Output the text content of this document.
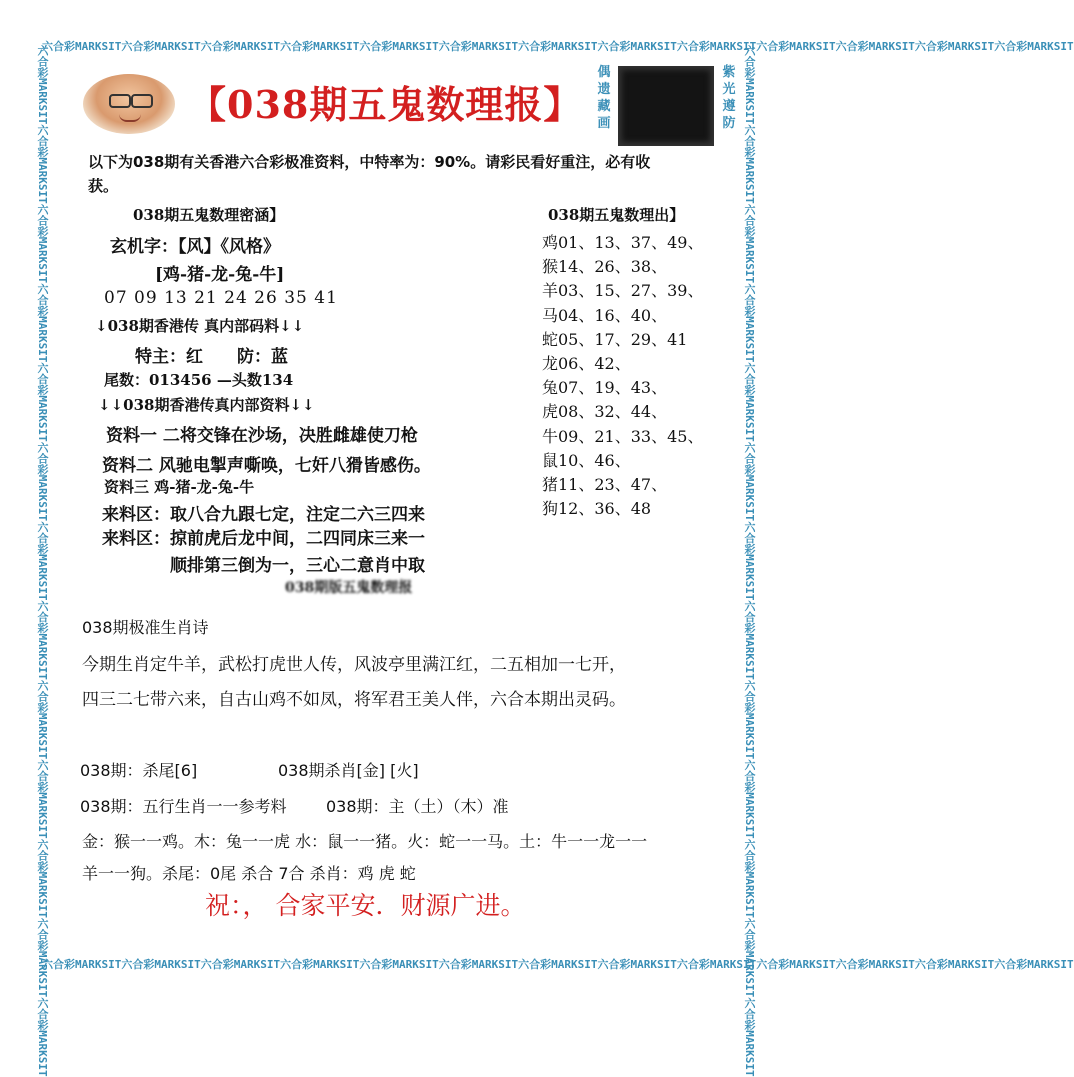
六合彩MARKSIT六合彩MARKSIT六合彩MARKSIT六合彩MARKSIT六合彩MARKSIT六合彩MARKSIT六合彩MARKSIT六合彩MARKSIT六合彩MARKSIT六合彩MARKSIT六合彩MARKSIT六合彩MARKSIT六合彩MARKSIT
六合彩MARKSIT六合彩MARKSIT六合彩MARKSIT六合彩MARKSIT六合彩MARKSIT六合彩MARKSIT六合彩MARKSIT六合彩MARKSIT六合彩MARKSIT六合彩MARKSIT六合彩MARKSIT六合彩MARKSIT六合彩MARKSIT
六合彩MARKSIT六合彩MARKSIT六合彩MARKSIT六合彩MARKSIT六合彩MARKSIT六合彩MARKSIT六合彩MARKSIT六合彩MARKSIT六合彩MARKSIT六合彩MARKSIT六合彩MARKSIT六合彩MARKSIT六合彩MARKSIT	六合彩MARKSIT六合彩MARKSIT六合彩MARKSIT六合彩MARKSIT六合彩MARKSIT六合彩MARKSIT六合彩MARKSIT六合彩MARKSIT六合彩MARKSIT六合彩MARKSIT六合彩MARKSIT六合彩MARKSIT六合彩MARKSIT
【038期五鬼数理报】
偶遗藏画
紫光遵防
以下为038期有关香港六合彩极准资料，中特率为：90%。请彩民看好重注，必有收
获。
038期五鬼数理密涵】
玄机字：【风】《风格》
[鸡-猪-龙-兔-牛]
07 09 13 21 24 26 35 41
↓038期香港传 真内部码料↓↓
特主：红　　防：蓝
尾数：013456 —头数134
↓↓038期香港传真内部资料↓↓
资料一 二将交锋在沙场，决胜雌雄使刀枪
资料二 风驰电掣声嘶唤，七奸八猾皆感伤。
资料三 鸡-猪-龙-兔-牛
来料区：取八合九跟七定，注定二六三四来
来料区：掠前虎后龙中间，二四同床三来一
顺排第三倒为一，三心二意肖中取
038期版五鬼数理报
038期五鬼数理出】
鸡01、13、37、49、
猴14、26、38、
羊03、15、27、39、
马04、16、40、
蛇05、17、29、41
龙06、42、
兔07、19、43、
虎08、32、44、
牛09、21、33、45、
鼠10、46、
猪11、23、47、
狗12、36、48
038期极准生肖诗
今期生肖定牛羊，武松打虎世人传，风波亭里满江红，二五相加一七开，
四三二七带六来，自古山鸡不如凤，将军君王美人伴，六合本期出灵码。
038期：杀尾[6]	038期杀肖[金] [火]
038期：五行生肖一一参考料 038期：主（土）（木）准
金：猴一一鸡。木：兔一一虎 水：鼠一一猪。火：蛇一一马。土：牛一一龙一一
羊一一狗。杀尾：0尾 杀合 7合 杀肖：鸡 虎 蛇
祝：， 合家平安．财源广进。
